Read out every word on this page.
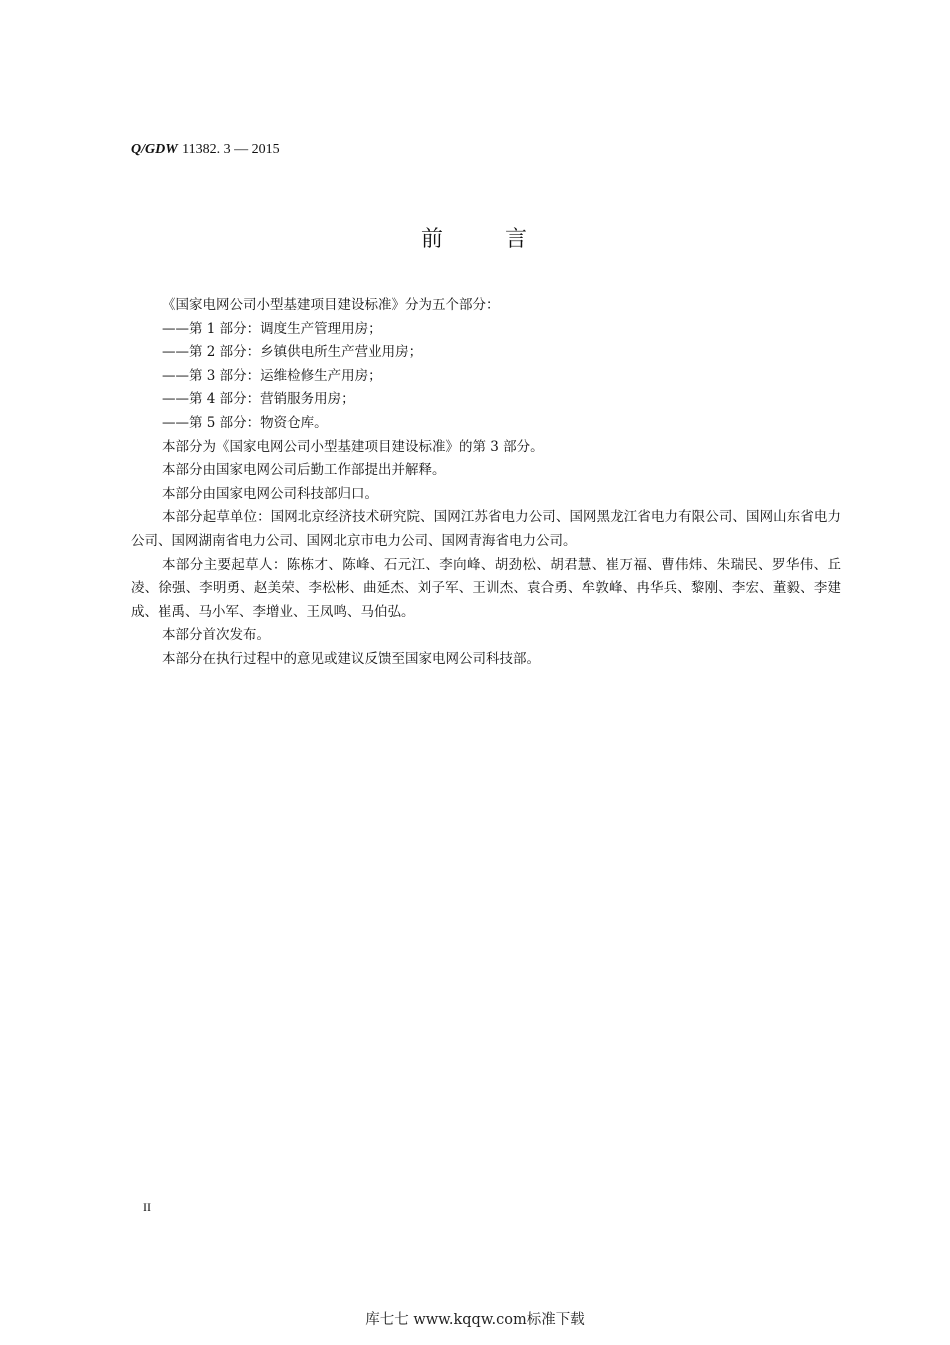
Q/GDW 11382. 3 — 2015
前	言

《国家电网公司小型基建项目建设标准》分为五个部分：

——第 1 部分：调度生产管理用房；

——第 2 部分：乡镇供电所生产营业用房；

——第 3 部分：运维检修生产用房；

——第 4 部分：营销服务用房；

——第 5 部分：物资仓库。

本部分为《国家电网公司小型基建项目建设标准》的第 3 部分。

本部分由国家电网公司后勤工作部提出并解释。

本部分由国家电网公司科技部归口。

本部分起草单位：国网北京经济技术研究院、国网江苏省电力公司、国网黑龙江省电力有限公司、国网山东省电力公司、国网湖南省电力公司、国网北京市电力公司、国网青海省电力公司。

本部分主要起草人：陈栋才、陈峰、石元江、李向峰、胡劲松、胡君慧、崔万福、曹伟炜、朱瑞民、罗华伟、丘凌、徐强、李明勇、赵美荣、李松彬、曲延杰、刘子军、王训杰、袁合勇、牟敦峰、冉华兵、黎刚、李宏、董毅、李建成、崔禹、马小军、李增业、王凤鸣、马伯弘。

本部分首次发布。

本部分在执行过程中的意见或建议反馈至国家电网公司科技部。

II
库七七 www.kqqw.com标准下载
